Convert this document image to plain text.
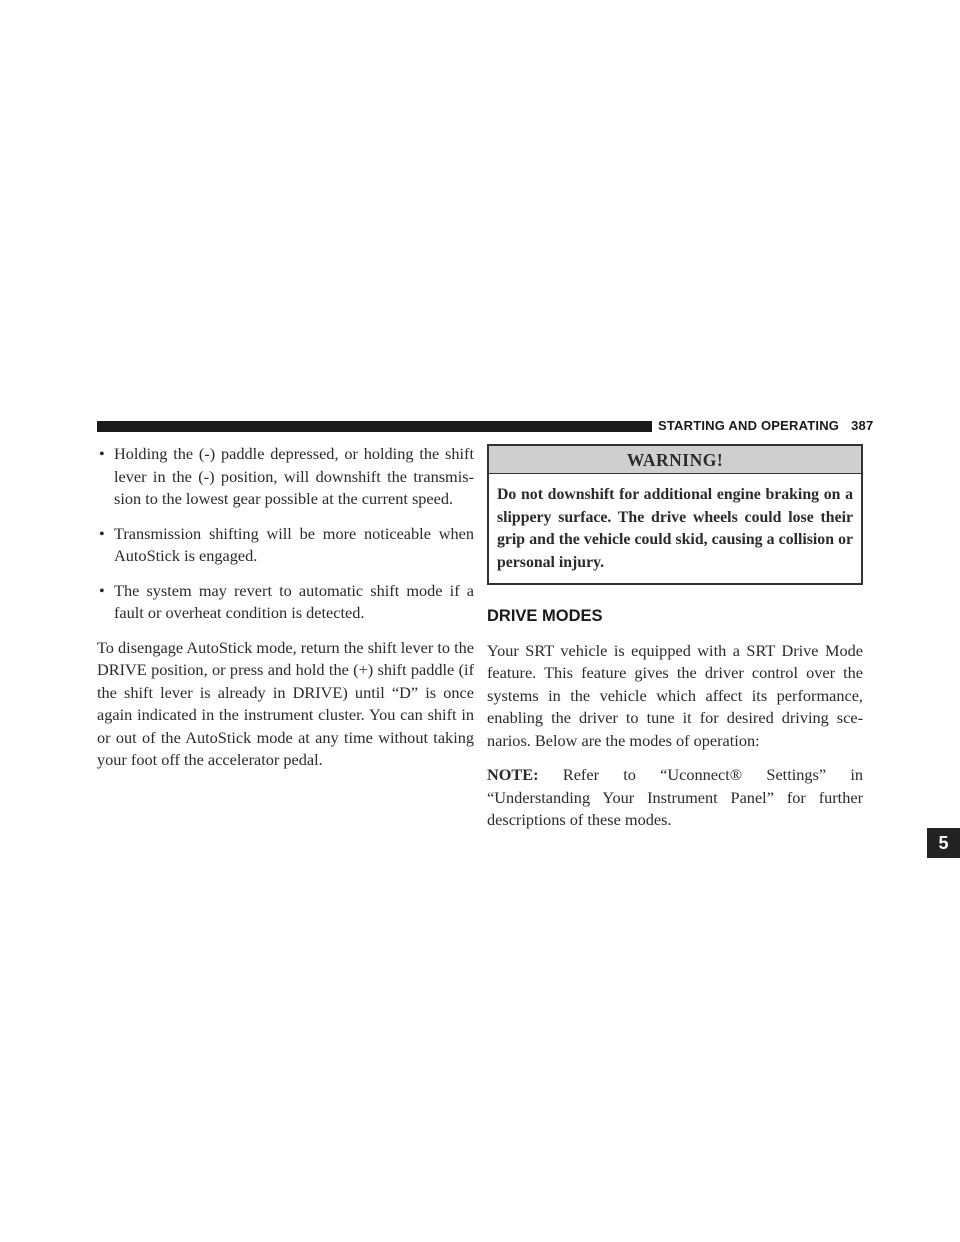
STARTING AND OPERATING 387
5
• Holding the (-) paddle depressed, or holding the shift lever in the (-) position, will downshift the transmis-sion to the lowest gear possible at the current speed.
• Transmission shifting will be more noticeable when AutoStick is engaged.
• The system may revert to automatic shift mode if a fault or overheat condition is detected.

To disengage AutoStick mode, return the shift lever to the DRIVE position, or press and hold the (+) shift paddle (if the shift lever is already in DRIVE) until “D” is once again indicated in the instrument cluster. You can shift in or out of the AutoStick mode at any time without taking your foot off the accelerator pedal.

WARNING!
Do not downshift for additional engine braking on a slippery surface. The drive wheels could lose their grip and the vehicle could skid, causing a collision or personal injury.
DRIVE MODES

Your SRT vehicle is equipped with a SRT Drive Mode feature. This feature gives the driver control over the systems in the vehicle which affect its performance, enabling the driver to tune it for desired driving sce-narios. Below are the modes of operation:

NOTE: Refer to “Uconnect® Settings” in “Understanding Your Instrument Panel” for further descriptions of these modes.
